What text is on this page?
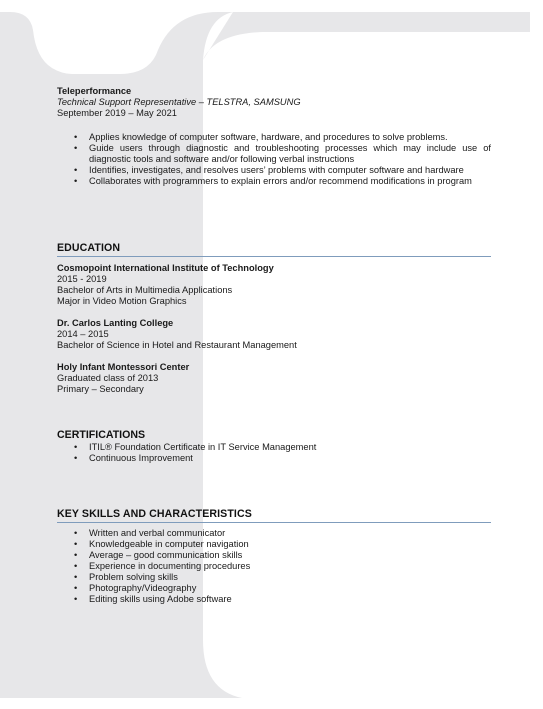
Teleperformance
Technical Support Representative – TELSTRA, SAMSUNG
September 2019 – May 2021
• Applies knowledge of computer software, hardware, and procedures to solve problems.
• Guide users through diagnostic and troubleshooting processes which may include use of diagnostic tools and software and/or following verbal instructions
• Identifies, investigates, and resolves users’ problems with computer software and hardware
• Collaborates with programmers to explain errors and/or recommend modifications in program
EDUCATION
Cosmopoint International Institute of Technology
2015 - 2019
Bachelor of Arts in Multimedia Applications
Major in Video Motion Graphics
Dr. Carlos Lanting College
2014 – 2015
Bachelor of Science in Hotel and Restaurant Management
Holy Infant Montessori Center
Graduated class of 2013
Primary – Secondary
CERTIFICATIONS
• ITIL® Foundation Certificate in IT Service Management
• Continuous Improvement
KEY SKILLS AND CHARACTERISTICS
• Written and verbal communicator
• Knowledgeable in computer navigation
• Average – good communication skills
• Experience in documenting procedures
• Problem solving skills
• Photography/Videography
• Editing skills using Adobe software
